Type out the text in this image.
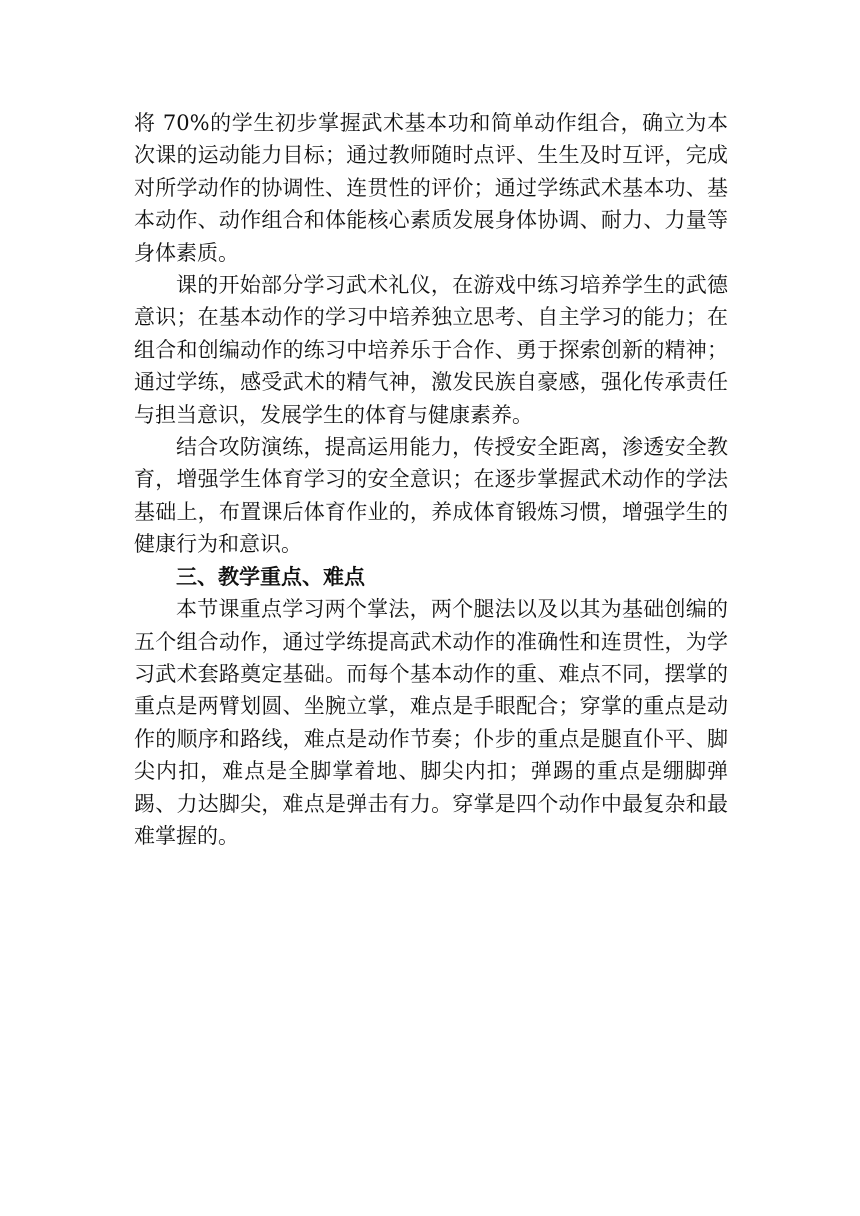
将 70%的学生初步掌握武术基本功和简单动作组合，确立为本次课的运动能力目标；通过教师随时点评、生生及时互评，完成对所学动作的协调性、连贯性的评价；通过学练武术基本功、基本动作、动作组合和体能核心素质发展身体协调、耐力、力量等身体素质。

课的开始部分学习武术礼仪，在游戏中练习培养学生的武德意识；在基本动作的学习中培养独立思考、自主学习的能力；在组合和创编动作的练习中培养乐于合作、勇于探索创新的精神；通过学练，感受武术的精气神，激发民族自豪感，强化传承责任与担当意识，发展学生的体育与健康素养。

结合攻防演练，提高运用能力，传授安全距离，渗透安全教育，增强学生体育学习的安全意识；在逐步掌握武术动作的学法基础上，布置课后体育作业的，养成体育锻炼习惯，增强学生的健康行为和意识。

三、教学重点、难点

本节课重点学习两个掌法，两个腿法以及以其为基础创编的五个组合动作，通过学练提高武术动作的准确性和连贯性，为学习武术套路奠定基础。而每个基本动作的重、难点不同，摆掌的重点是两臂划圆、坐腕立掌，难点是手眼配合；穿掌的重点是动作的顺序和路线，难点是动作节奏；仆步的重点是腿直仆平、脚尖内扣，难点是全脚掌着地、脚尖内扣；弹踢的重点是绷脚弹踢、力达脚尖，难点是弹击有力。穿掌是四个动作中最复杂和最难掌握的。
